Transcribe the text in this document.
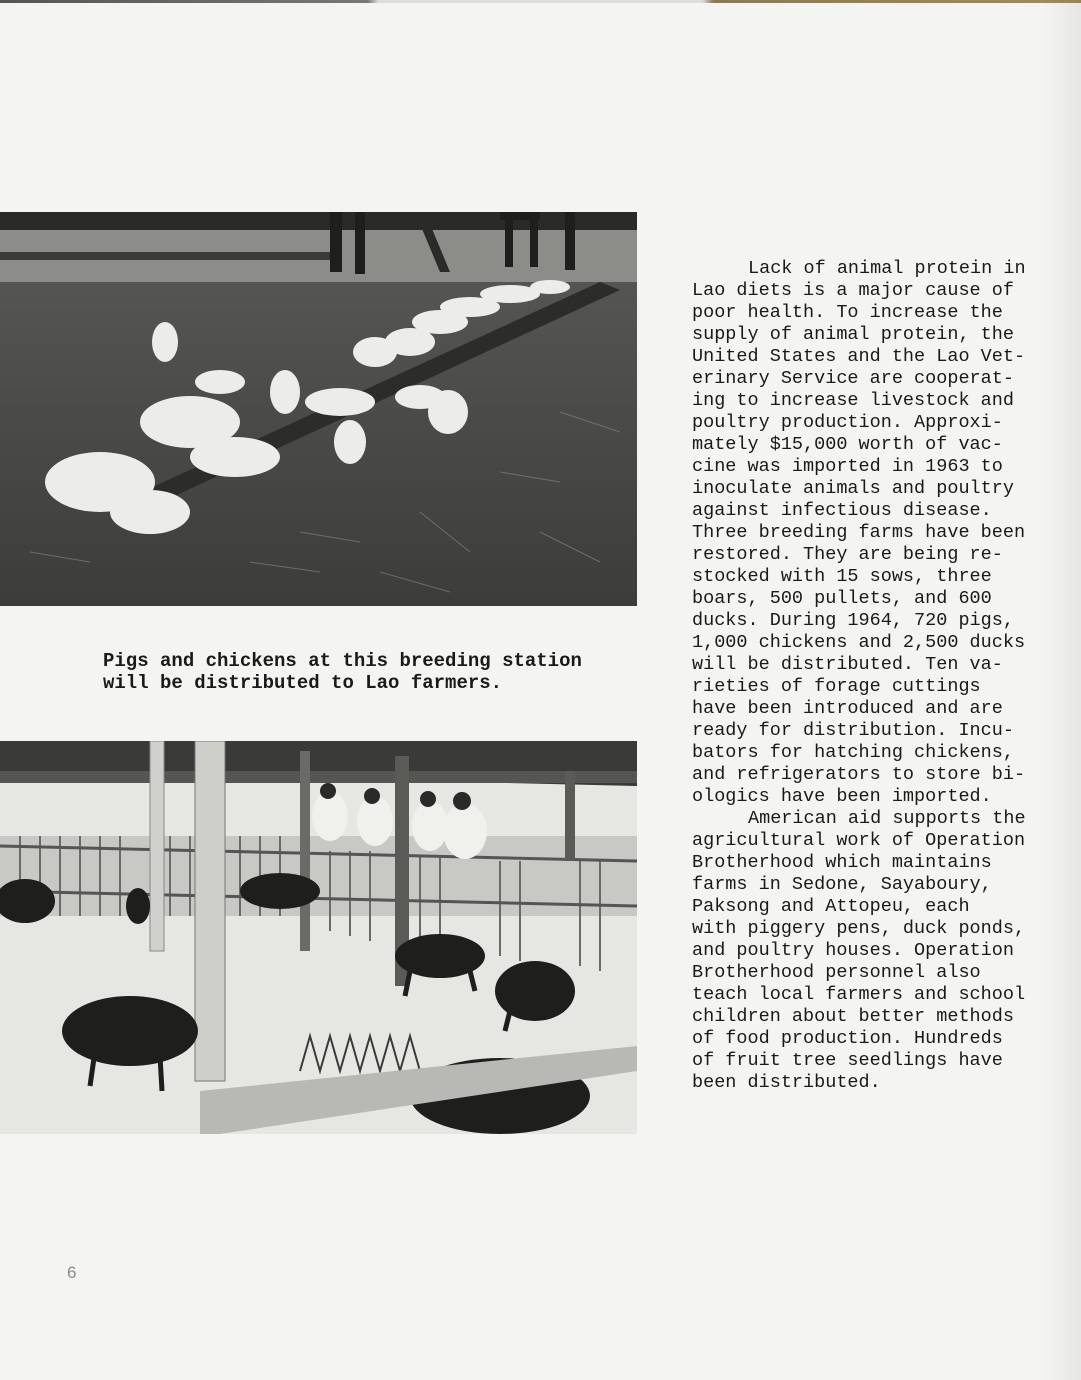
Pigs and chickens at this breeding station
will be distributed to Lao farmers.

Lack of animal protein in
Lao diets is a major cause of
poor health. To increase the
supply of animal protein, the
United States and the Lao Vet-
erinary Service are cooperat-
ing to increase livestock and
poultry production. Approxi-
mately $15,000 worth of vac-
cine was imported in 1963 to
inoculate animals and poultry
against infectious disease.
Three breeding farms have been
restored. They are being re-
stocked with 15 sows, three
boars, 500 pullets, and 600
ducks. During 1964, 720 pigs,
1,000 chickens and 2,500 ducks
will be distributed. Ten va-
rieties of forage cuttings
have been introduced and are
ready for distribution. Incu-
bators for hatching chickens,
and refrigerators to store bi-
ologics have been imported.

American aid supports the
agricultural work of Operation
Brotherhood which maintains
farms in Sedone, Sayaboury,
Paksong and Attopeu, each
with piggery pens, duck ponds,
and poultry houses. Operation
Brotherhood personnel also
teach local farmers and school
children about better methods
of food production. Hundreds
of fruit tree seedlings have
been distributed.

6
